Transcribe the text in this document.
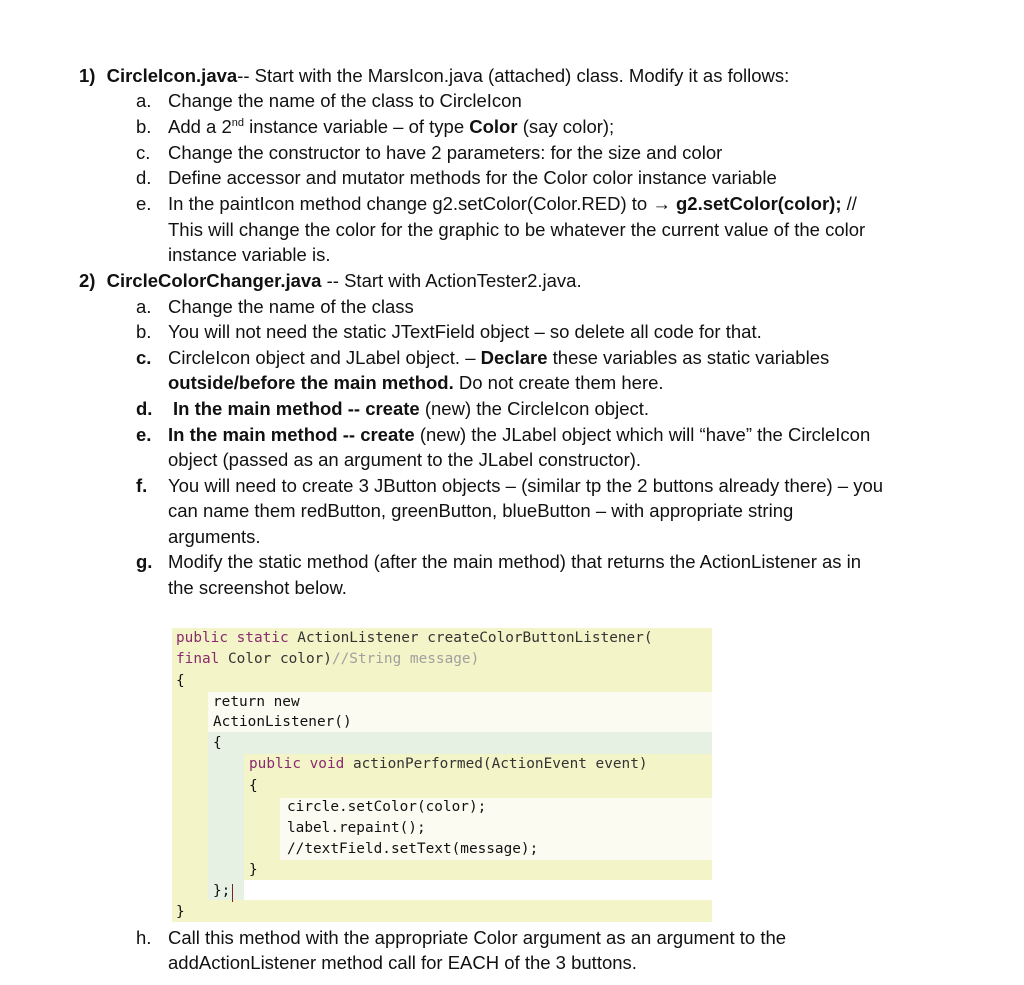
1) CircleIcon.java-- Start with the MarsIcon.java (attached) class. Modify it as follows:
a. Change the name of the class to CircleIcon
b. Add a 2nd instance variable – of type Color (say color);
c. Change the constructor to have 2 parameters: for the size and color
d. Define accessor and mutator methods for the Color color instance variable
e. In the paintIcon method change g2.setColor(Color.RED) to → g2.setColor(color); //
This will change the color for the graphic to be whatever the current value of the color
instance variable is.
2) CircleColorChanger.java -- Start with ActionTester2.java.
a. Change the name of the class
b. You will not need the static JTextField object – so delete all code for that.
c. CircleIcon object and JLabel object. – Declare these variables as static variables
outside/before the main method. Do not create them here.
d. In the main method -- create (new) the CircleIcon object.
e. In the main method -- create (new) the JLabel object which will “have” the CircleIcon
object (passed as an argument to the JLabel constructor).
f. You will need to create 3 JButton objects – (similar tp the 2 buttons already there) – you
can name them redButton, greenButton, blueButton – with appropriate string
arguments.
g. Modify the static method (after the main method) that returns the ActionListener as in
the screenshot below.
public static ActionListener createColorButtonListener(
final Color color)//String message)
{
return new
ActionListener()
{
public void actionPerformed(ActionEvent event)
{
circle.setColor(color);
label.repaint();
//textField.setText(message);
}
};
}
h. Call this method with the appropriate Color argument as an argument to the
addActionListener method call for EACH of the 3 buttons.
